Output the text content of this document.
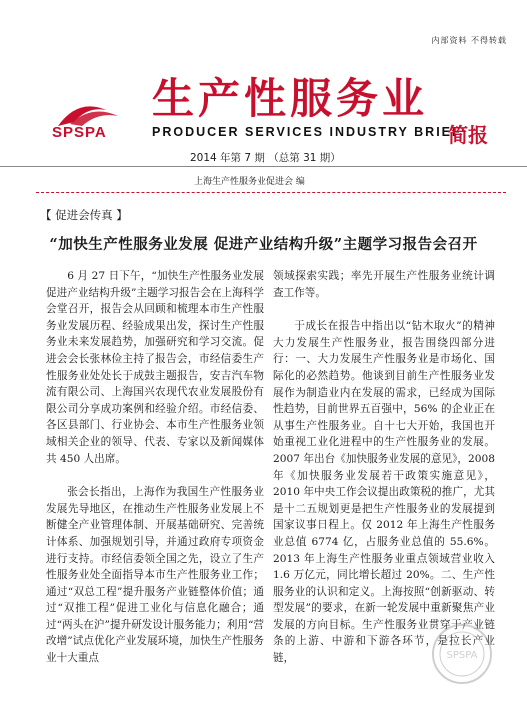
内部资料 不得转载
SPSPA
生产性服务业
PRODUCER SERVICES INDUSTRY BRIEF
简报
2014 年第 7 期 （总第 31 期）
上海生产性服务业促进会 编
【 促进会传真 】
“加快生产性服务业发展 促进产业结构升级”主题学习报告会召开

6 月 27 日下午，“加快生产性服务业发展 促进产业结构升级”主题学习报告会在上海科学会堂召开，报告会从回顾和梳理本市生产性服务业发展历程、经验成果出发，探讨生产性服务业未来发展趋势，加强研究和学习交流。促进会会长张林俭主持了报告会，市经信委生产性服务业处处长于成鼓主题报告，安吉汽车物流有限公司、上海国兴农现代农业发展股份有限公司分享成功案例和经验介绍。市经信委、各区县部门、行业协会、本市生产性服务业领域相关企业的领导、代表、专家以及新闻媒体共 450 人出席。

张会长指出，上海作为我国生产性服务业发展先导地区，在推动生产性服务业发展上不断健全产业管理体制、开展基础研究、完善统计体系、加强规划引导，并通过政府专项资金进行支持。市经信委领全国之先，设立了生产性服务业处全面指导本市生产性服务业工作；通过“双总工程”提升服务产业链整体价值；通过“双推工程”促进工业化与信息化融合；通过“两头在沪”提升研发设计服务能力；利用“营改增”试点优化产业发展环境，加快生产性服务业十大重点

领域探索实践；率先开展生产性服务业统计调查工作等。

于成长在报告中指出以“钻木取火”的精神大力发展生产性服务业，报告围绕四部分进行：一、大力发展生产性服务业是市场化、国际化的必然趋势。他谈到目前生产性服务业发展作为制造业内在发展的需求，已经成为国际性趋势，目前世界五百强中，56% 的企业正在从事生产性服务业。自十七大开始，我国也开始重视工业化进程中的生产性服务业的发展。2007 年出台《加快服务业发展的意见》，2008 年《加快服务业发展若干政策实施意见》，2010 年中央工作会议提出政策税的推广，尤其是十二五规划更是把生产性服务业的发展提到国家议事日程上。仅 2012 年上海生产性服务业总值 6774 亿，占服务业总值的 55.6%。2013 年上海生产性服务业重点领域营业收入 1.6 万亿元，同比增长超过 20%。二、生产性服务业的认识和定义。上海按照“创新驱动、转型发展”的要求，在新一轮发展中重新聚焦产业发展的方向目标。生产性服务业贯穿于产业链条的上游、中游和下游各环节，是拉长产业链，	SPSPA
